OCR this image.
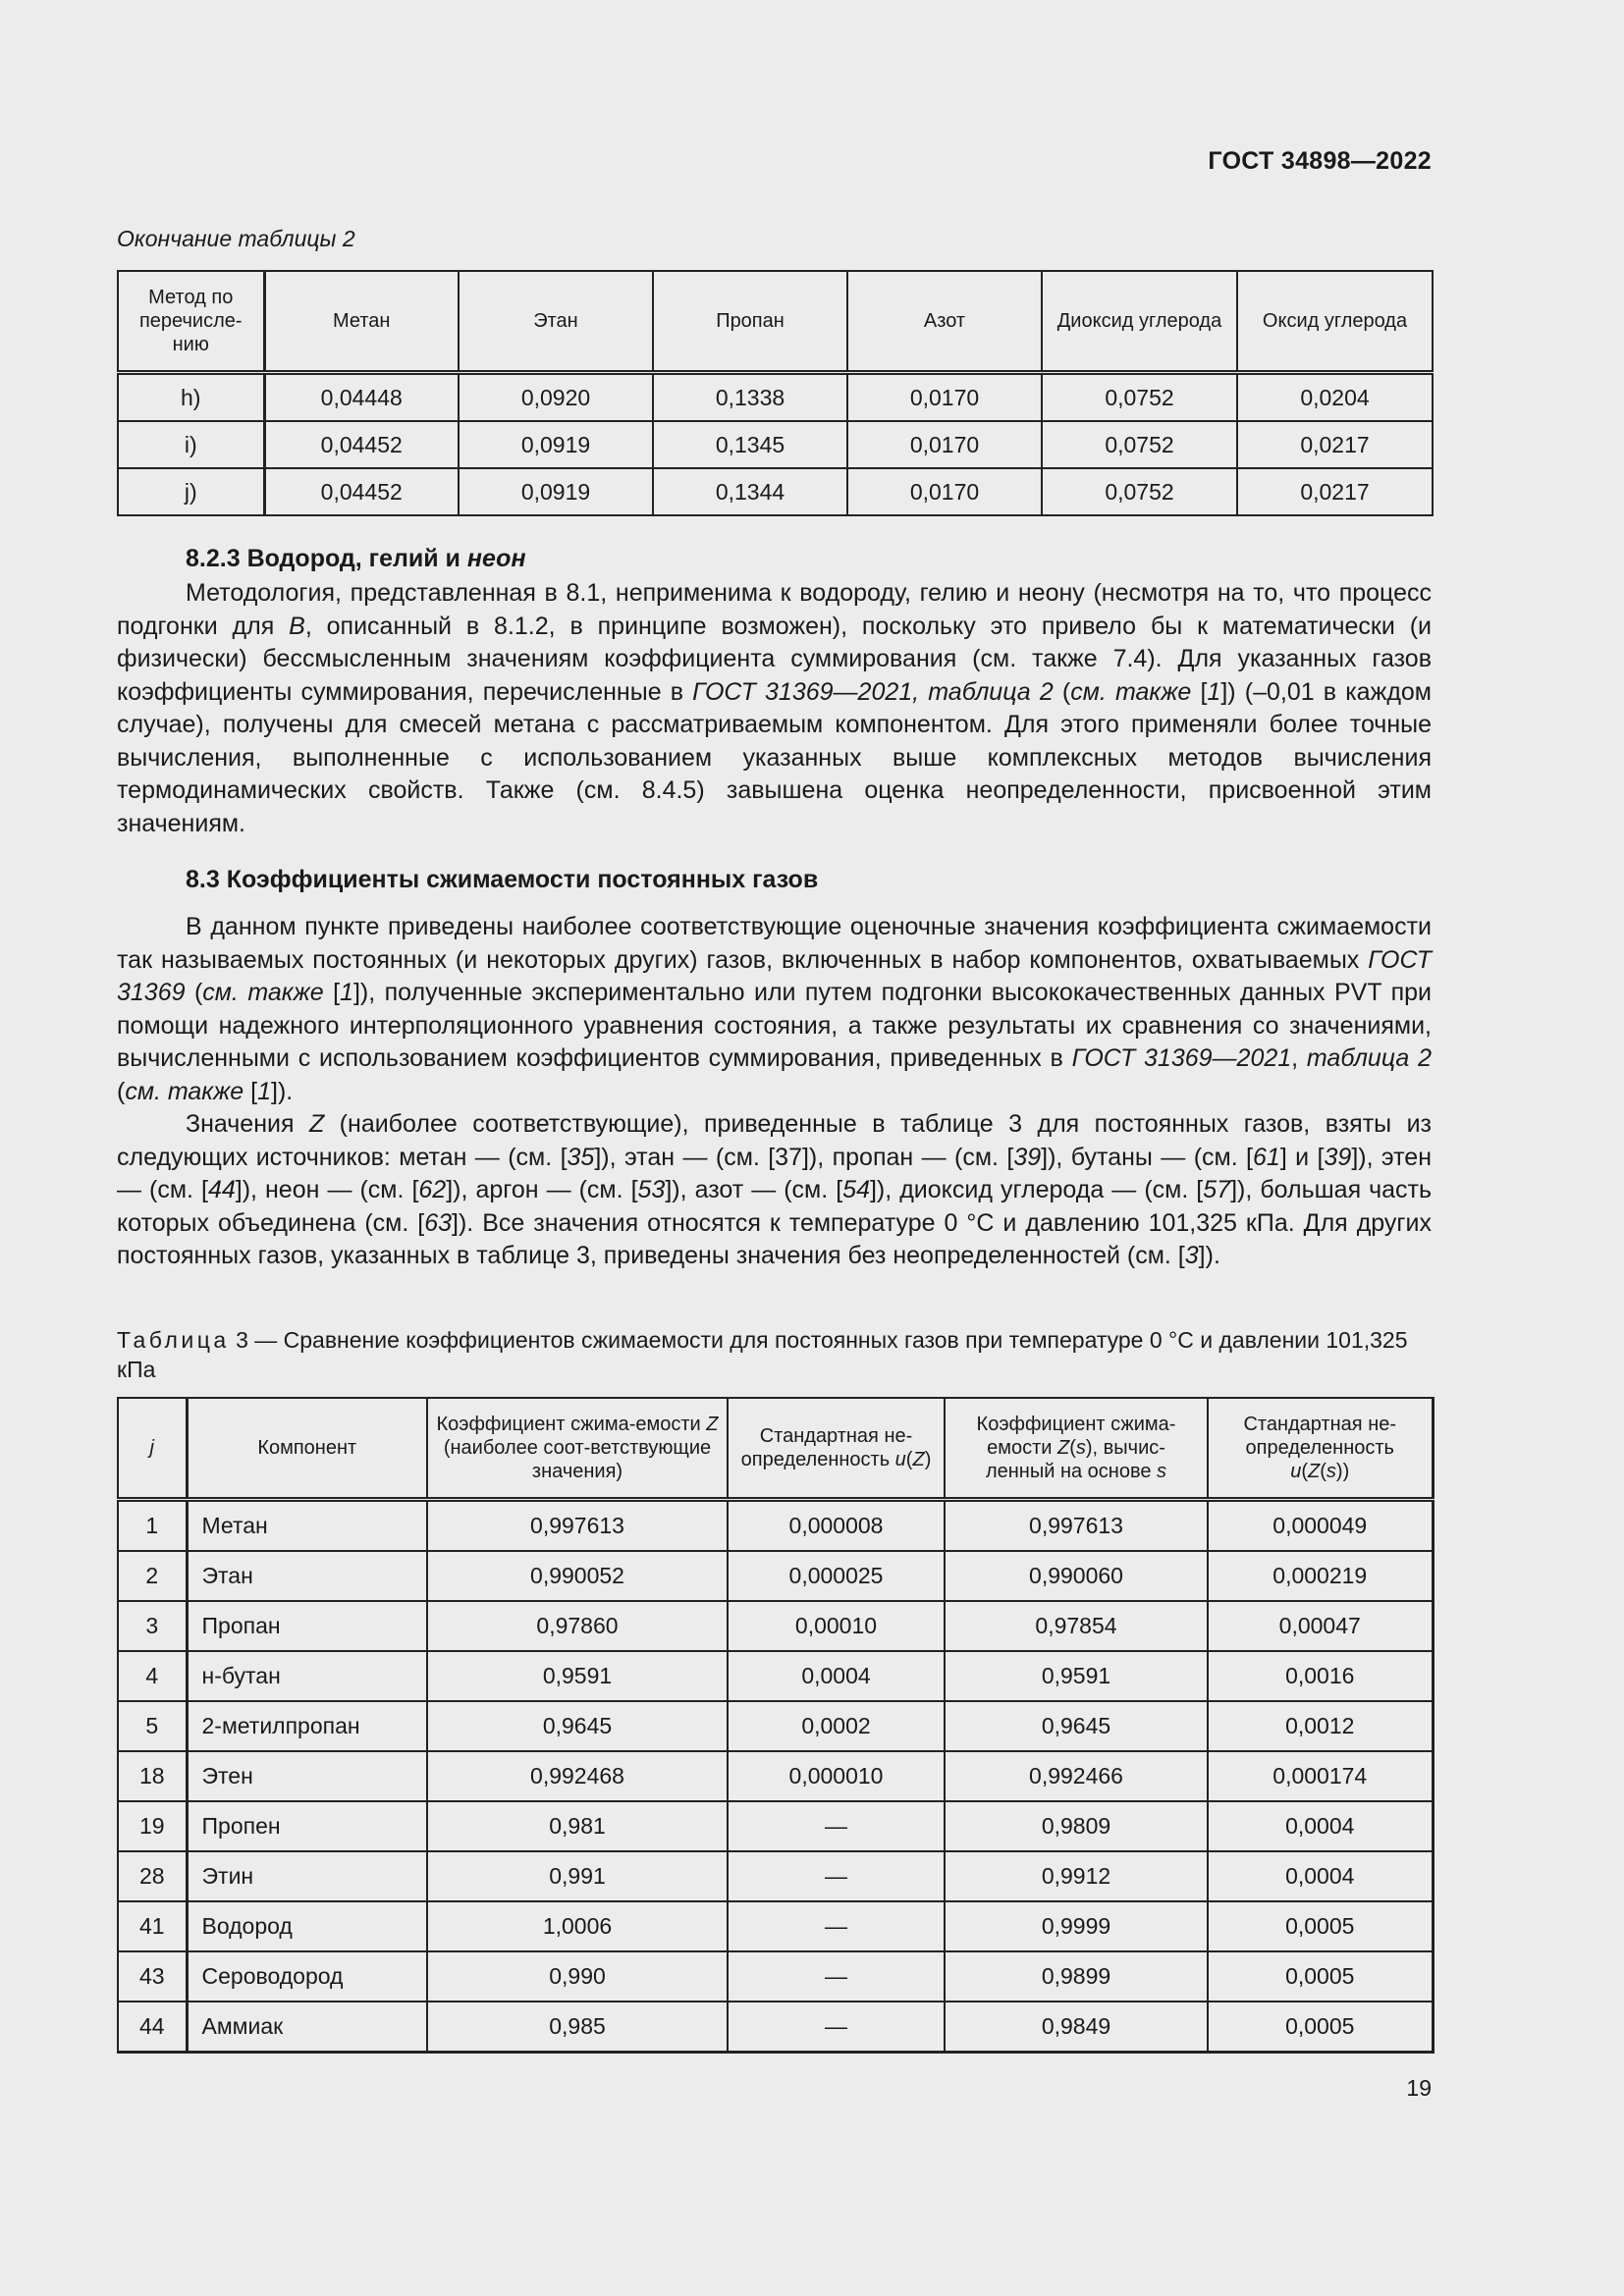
ГОСТ 34898—2022
Окончание таблицы 2
Метод по перечисле-нию	Метан	Этан	Пропан	Азот	Диоксид углерода	Оксид углерода
h)	0,04448	0,0920	0,1338	0,0170	0,0752	0,0204
i)	0,04452	0,0919	0,1345	0,0170	0,0752	0,0217
j)	0,04452	0,0919	0,1344	0,0170	0,0752	0,0217
8.2.3 Водород, гелий и неон

Методология, представленная в 8.1, неприменима к водороду, гелию и неону (несмотря на то, что процесс подгонки для B, описанный в 8.1.2, в принципе возможен), поскольку это привело бы к математически (и физически) бессмысленным значениям коэффициента суммирования (см. также 7.4). Для указанных газов коэффициенты суммирования, перечисленные в ГОСТ 31369—2021, таблица 2 (см. также [1]) (–0,01 в каждом случае), получены для смесей метана с рассматриваемым компонентом. Для этого применяли более точные вычисления, выполненные с использованием указанных выше комплексных методов вычисления термодинамических свойств. Также (см. 8.4.5) завышена оценка неопределенности, присвоенной этим значениям.

8.3 Коэффициенты сжимаемости постоянных газов

В данном пункте приведены наиболее соответствующие оценочные значения коэффициента сжимаемости так называемых постоянных (и некоторых других) газов, включенных в набор компонентов, охватываемых ГОСТ 31369 (см. также [1]), полученные экспериментально или путем подгонки высококачественных данных PVT при помощи надежного интерполяционного уравнения состояния, а также результаты их сравнения со значениями, вычисленными с использованием коэффициентов суммирования, приведенных в ГОСТ 31369—2021, таблица 2 (см. также [1]).

Значения Z (наиболее соответствующие), приведенные в таблице 3 для постоянных газов, взяты из следующих источников: метан — (см. [35]), этан — (см. [37]), пропан — (см. [39]), бутаны — (см. [61] и [39]), этен — (см. [44]), неон — (см. [62]), аргон — (см. [53]), азот — (см. [54]), диоксид углерода — (см. [57]), большая часть которых объединена (см. [63]). Все значения относятся к температуре 0 °С и давлению 101,325 кПа. Для других постоянных газов, указанных в таблице 3, приведены значения без неопределенностей (см. [3]).

Таблица 3 — Сравнение коэффициентов сжимаемости для постоянных газов при температуре 0 °С и давлении 101,325 кПа
j	Компонент	Коэффициент сжима-емости Z (наиболее соот-ветствующие значения)	Стандартная не-определенность u(Z)	Коэффициент сжима-емости Z(s), вычис-ленный на основе s	Стандартная не-определенность u(Z(s))
1	Метан	0,997613	0,000008	0,997613	0,000049
2	Этан	0,990052	0,000025	0,990060	0,000219
3	Пропан	0,97860	0,00010	0,97854	0,00047
4	н-бутан	0,9591	0,0004	0,9591	0,0016
5	2-метилпропан	0,9645	0,0002	0,9645	0,0012
18	Этен	0,992468	0,000010	0,992466	0,000174
19	Пропен	0,981	—	0,9809	0,0004
28	Этин	0,991	—	0,9912	0,0004
41	Водород	1,0006	—	0,9999	0,0005
43	Сероводород	0,990	—	0,9899	0,0005
44	Аммиак	0,985	—	0,9849	0,0005
19
